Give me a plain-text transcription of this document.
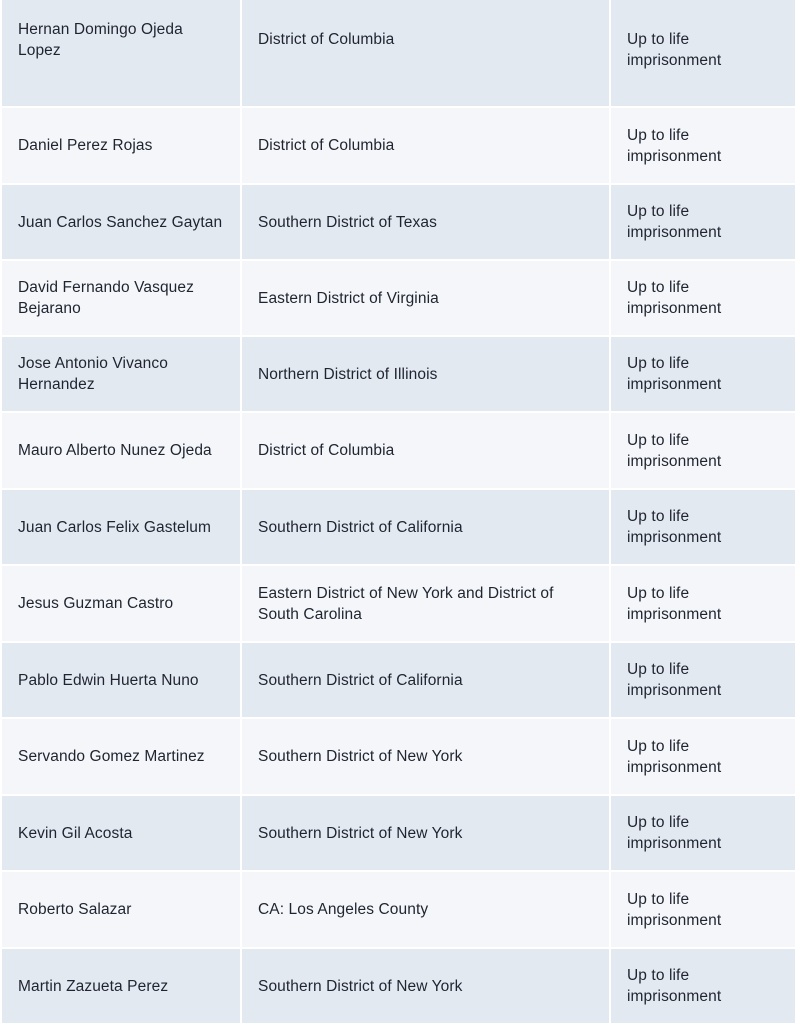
Hernan Domingo Ojeda Lopez	District of Columbia	Up to life imprisonment
Daniel Perez Rojas	District of Columbia	Up to life imprisonment
Juan Carlos Sanchez Gaytan	Southern District of Texas	Up to life imprisonment
David Fernando Vasquez Bejarano	Eastern District of Virginia	Up to life imprisonment
Jose Antonio Vivanco Hernandez	Northern District of Illinois	Up to life imprisonment
Mauro Alberto Nunez Ojeda	District of Columbia	Up to life imprisonment
Juan Carlos Felix Gastelum	Southern District of California	Up to life imprisonment
Jesus Guzman Castro	Eastern District of New York and District of South Carolina	Up to life imprisonment
Pablo Edwin Huerta Nuno	Southern District of California	Up to life imprisonment
Servando Gomez Martinez	Southern District of New York	Up to life imprisonment
Kevin Gil Acosta	Southern District of New York	Up to life imprisonment
Roberto Salazar	CA: Los Angeles County	Up to life imprisonment
Martin Zazueta Perez	Southern District of New York	Up to life imprisonment
